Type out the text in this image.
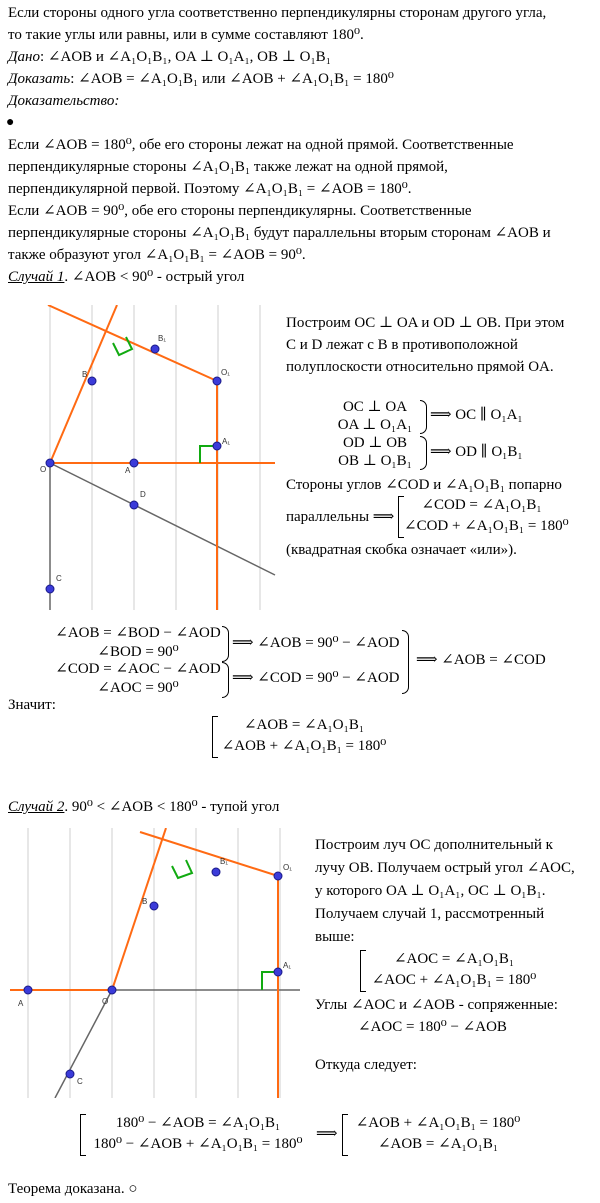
Если стороны одного угла соответственно перпендикулярны сторонам другого угла,
то такие углы или равны, или в сумме составляют 180⁰.
Дано: ∠AOB и ∠A₁O₁B₁, OA ⊥ O₁A₁, OB ⊥ O₁B₁
Доказать: ∠AOB = ∠A₁O₁B₁ или ∠AOB + ∠A₁O₁B₁ = 180⁰
Доказательство:
●
Если ∠AOB = 180⁰, обе его стороны лежат на одной прямой. Соответственные
перпендикулярные стороны ∠A₁O₁B₁ также лежат на одной прямой,
перпендикулярной первой. Поэтому ∠A₁O₁B₁ = ∠AOB = 180⁰.
Если ∠AOB = 90⁰, обе его стороны перпендикулярны. Соответственные
перпендикулярные стороны ∠A₁O₁B₁ будут параллельны вторым сторонам ∠AOB и
также образуют угол ∠A₁O₁B₁ = ∠AOB = 90⁰.
Случай 1. ∠AOB < 90⁰ - острый угол
O	A
B
B₁
O₁
A₁
D
C
Построим OC ⊥ OA и OD ⊥ OB. При этом
C и D лежат с B в противоположной
полуплоскости относительно прямой OA.
OC ⊥ OA
OA ⊥ O₁A₁
⟹ OC ∥ O₁A₁
OD ⊥ OB
OB ⊥ O₁B₁
⟹ OD ∥ O₁B₁
Стороны углов ∠COD и ∠A₁O₁B₁ попарно
параллельны ⟹
∠COD = ∠A₁O₁B₁
∠COD + ∠A₁O₁B₁ = 180⁰
(квадратная скобка означает «или»).
∠AOB = ∠BOD − ∠AOD
∠BOD = 90⁰
⟹ ∠AOB = 90⁰ − ∠AOD
∠COD = ∠AOC − ∠AOD
∠AOC = 90⁰
⟹ ∠COD = 90⁰ − ∠AOD
⟹ ∠AOB = ∠COD
Значит:
∠AOB = ∠A₁O₁B₁
∠AOB + ∠A₁O₁B₁ = 180⁰
Случай 2. 90⁰ < ∠AOB < 180⁰ - тупой угол
A	O
B
B₁
O₁
A₁
C
Построим луч OC дополнительный к
лучу OB. Получаем острый угол ∠AOC,
у которого OA ⊥ O₁A₁, OC ⊥ O₁B₁.
Получаем случай 1, рассмотренный
выше:
∠AOC = ∠A₁O₁B₁
∠AOC + ∠A₁O₁B₁ = 180⁰
Углы ∠AOC и ∠AOB - сопряженные:
∠AOC = 180⁰ − ∠AOB
Откуда следует:
180⁰ − ∠AOB = ∠A₁O₁B₁
180⁰ − ∠AOB + ∠A₁O₁B₁ = 180⁰
⟹
∠AOB + ∠A₁O₁B₁ = 180⁰
∠AOB = ∠A₁O₁B₁
Теорема доказана. ○
